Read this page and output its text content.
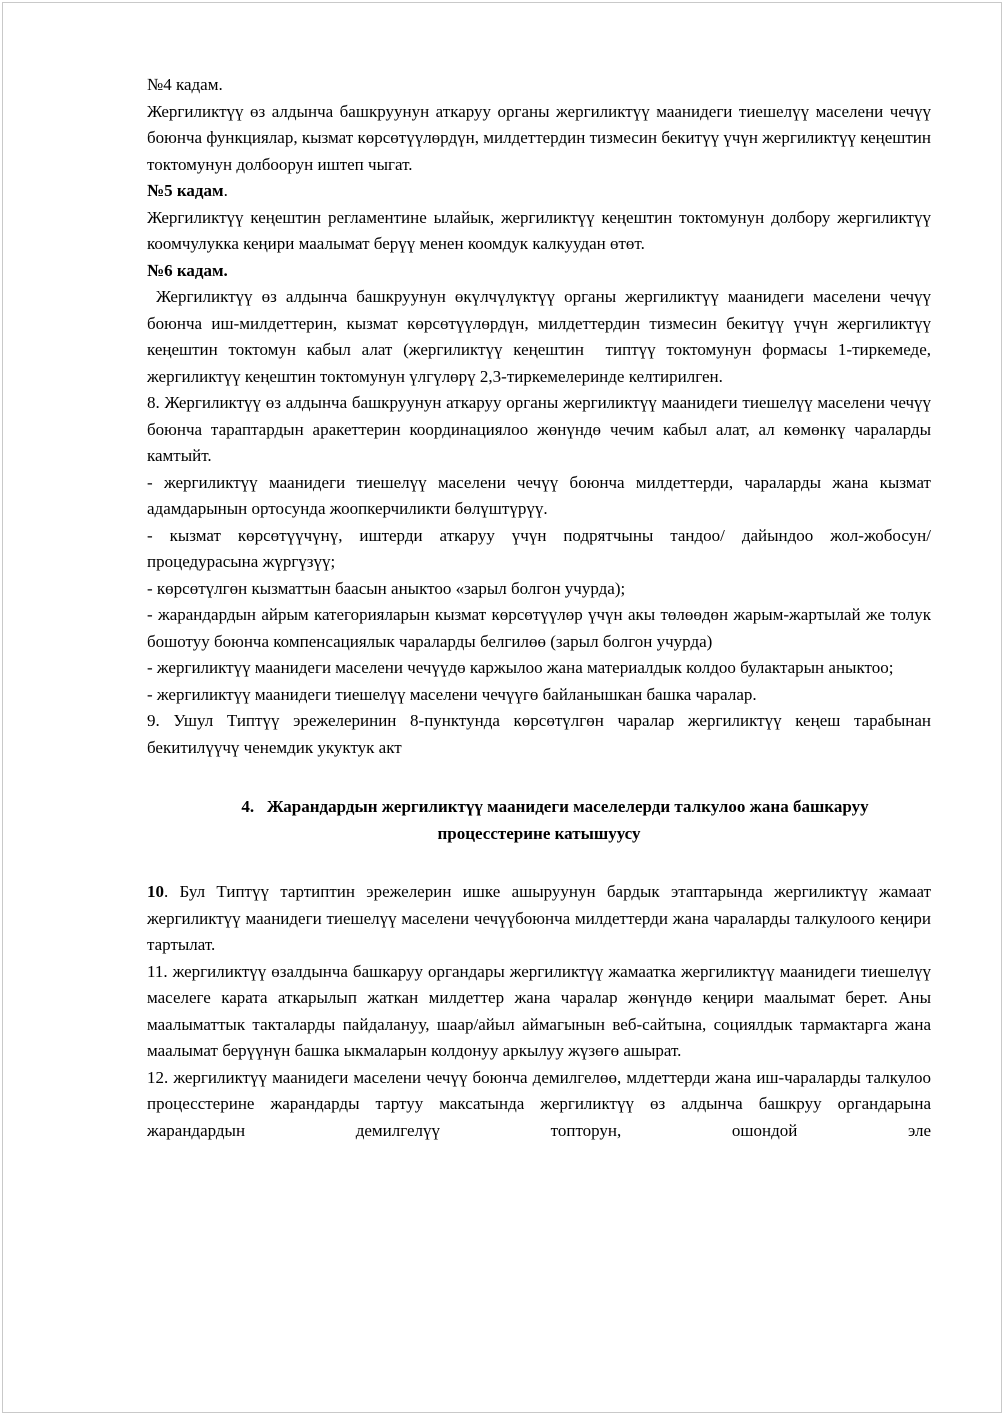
№4 кадам.

Жергиликтүү өз алдынча башкруунун аткаруу органы жергиликтүү маанидеги тиешелүү маселени чечүү боюнча функциялар, кызмат көрсөтүүлөрдүн, милдеттердин тизмесин бекитүү үчүн жергиликтүү кеңештин токтомунун долбоорун иштеп чыгат.

№5 кадам.

Жергиликтүү кеңештин регламентине ылайык, жергиликтүү кеңештин токтомунун долбору жергиликтүү коомчулукка кеңири маалымат берүү менен коомдук калкуудан өтөт.

№6 кадам.

Жергиликтүү өз алдынча башкруунун өкүлчүлүктүү органы жергиликтүү маанидеги маселени чечүү боюнча иш-милдеттерин, кызмат көрсөтүүлөрдүн, милдеттердин тизмесин бекитүү үчүн жергиликтүү кеңештин токтомун кабыл алат (жергиликтүү кеңештин  типтүү токтомунун формасы 1-тиркемеде, жергиликтүү кеңештин токтомунун үлгүлөрү 2,3-тиркемелеринде келтирилген.

8. Жергиликтүү өз алдынча башкруунун аткаруу органы жергиликтүү маанидеги тиешелүү маселени чечүү боюнча тараптардын аракеттерин координациялоо жөнүндө чечим кабыл алат, ал көмөнкү чараларды камтыйт.

- жергиликтүү маанидеги тиешелүү маселени чечүү боюнча милдеттерди, чараларды жана кызмат адамдарынын ортосунда жоопкерчиликти бөлүштүрүү.

- кызмат көрсөтүүчүнү, иштерди аткаруу үчүн подрятчыны тандоо/ дайындоо жол-жобосун/ процедурасына жүргүзүү;

- көрсөтүлгөн кызматтын баасын аныктоо «зарыл болгон учурда);

- жарандардын айрым категорияларын кызмат көрсөтүүлөр үчүн акы төлөөдөн жарым-жартылай же толук бошотуу боюнча компенсациялык чараларды белгилөө (зарыл болгон учурда)

- жергиликтүү маанидеги маселени чечүүдө каржылоо жана материалдык колдоо булактарын аныктоо;

- жергиликтүү маанидеги тиешелүү маселени чечүүгө байланышкан башка чаралар.

9. Ушул Типтүү эрежелеринин 8-пунктунда көрсөтүлгөн чаралар жергиликтүү кеңеш тарабынан бекитилүүчү ченемдик укуктук акт

4.   Жарандардын жергиликтүү маанидеги маселелерди талкулоо жана башкаруу
процесстерине катышуусу

10. Бул Типтүү тартиптин эрежелерин ишке ашыруунун бардык этаптарында жергиликтүү жамаат жергиликтүү маанидеги тиешелүү маселени чечүүбоюнча милдеттерди жана чараларды талкулоого кеңири тартылат.

11. жергиликтүү өзалдынча башкаруу органдары жергиликтүү жамаатка жергиликтүү маанидеги тиешелүү маселеге карата аткарылып жаткан милдеттер жана чаралар жөнүндө кеңири маалымат берет. Аны маалыматтык такталарды пайдалануу, шаар/айыл аймагынын веб-сайтына, социялдык тармактарга жана маалымат берүүнүн башка ыкмаларын колдонуу аркылуу жүзөгө ашырат.

12. жергиликтүү маанидеги маселени чечүү боюнча демилгелөө, млдеттерди жана иш-чараларды талкулоо процесстерине жарандарды тартуу максатында жергиликтүү өз алдынча башкруу органдарына жарандардын демилгелүү топторун, ошондой эле
